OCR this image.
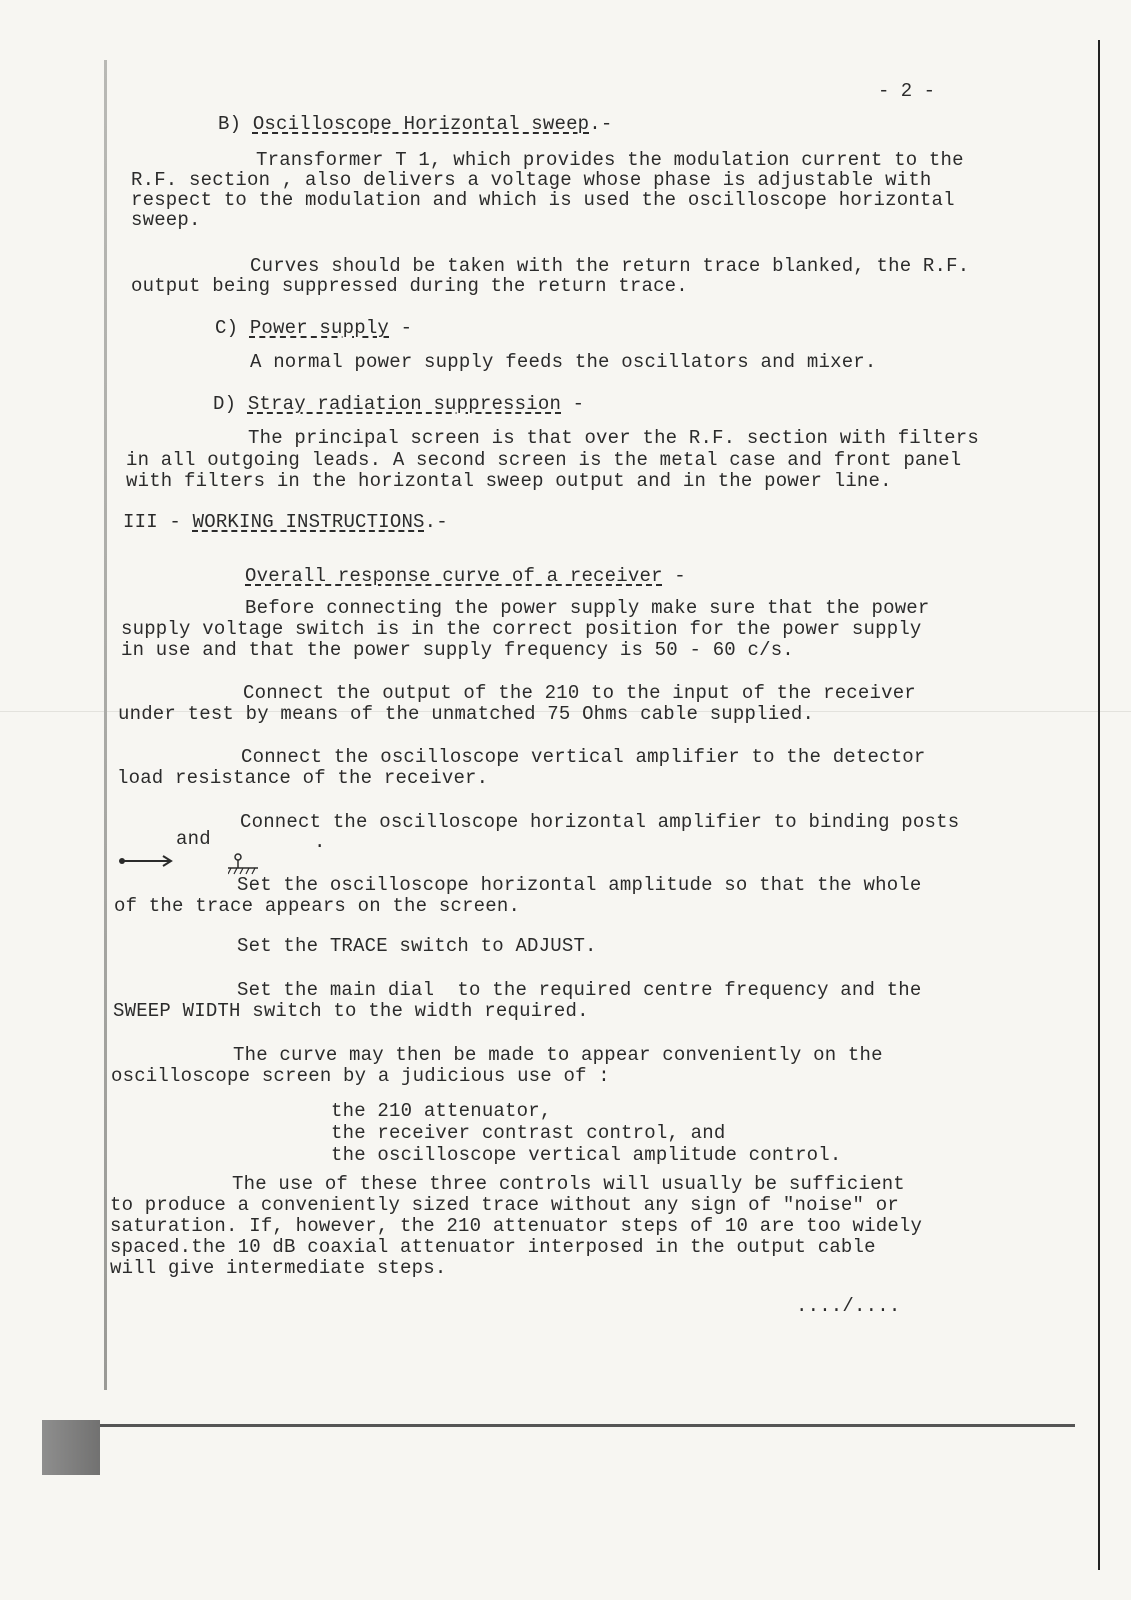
- 2 -
B) Oscilloscope Horizontal sweep.-
Transformer T 1, which provides the modulation current to the
R.F. section , also delivers a voltage whose phase is adjustable with
respect to the modulation and which is used the oscilloscope horizontal
sweep.
Curves should be taken with the return trace blanked, the R.F.
output being suppressed during the return trace.
C) Power supply -
A normal power supply feeds the oscillators and mixer.
D) Stray radiation suppression -
The principal screen is that over the R.F. section with filters
in all outgoing leads. A second screen is the metal case and front panel
with filters in the horizontal sweep output and in the power line.
III - WORKING INSTRUCTIONS.-
Overall response curve of a receiver -
Before connecting the power supply make sure that the power
supply voltage switch is in the correct position for the power supply
in use and that the power supply frequency is 50 - 60 c/s.
Connect the output of the 210 to the input of the receiver
under test by means of the unmatched 75 Ohms cable supplied.
Connect the oscilloscope vertical amplifier to the detector
load resistance of the receiver.
Connect the oscilloscope horizontal amplifier to binding posts
and	.
Set the oscilloscope horizontal amplitude so that the whole
of the trace appears on the screen.
Set the TRACE switch to ADJUST.
Set the main dial  to the required centre frequency and the
SWEEP WIDTH switch to the width required.
The curve may then be made to appear conveniently on the
oscilloscope screen by a judicious use of :
the 210 attenuator,
the receiver contrast control, and
the oscilloscope vertical amplitude control.
The use of these three controls will usually be sufficient
to produce a conveniently sized trace without any sign of "noise" or
saturation. If, however, the 210 attenuator steps of 10 are too widely
spaced.the 10 dB coaxial attenuator interposed in the output cable
will give intermediate steps.
..../....
